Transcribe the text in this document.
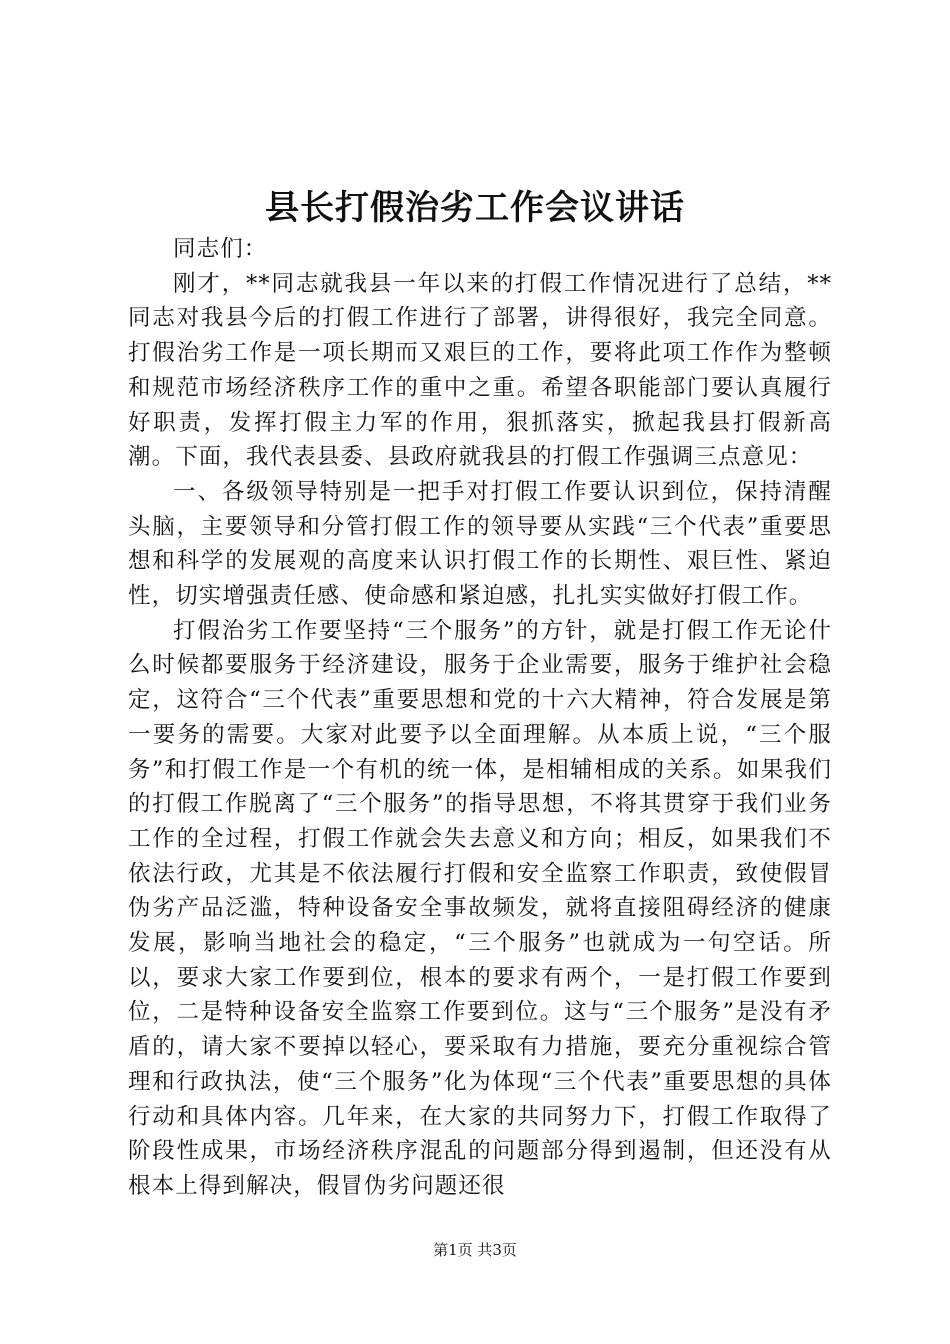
县长打假治劣工作会议讲话

同志们：

刚才，**同志就我县一年以来的打假工作情况进行了总结，**同志对我县今后的打假工作进行了部署，讲得很好，我完全同意。打假治劣工作是一项长期而又艰巨的工作，要将此项工作作为整顿和规范市场经济秩序工作的重中之重。希望各职能部门要认真履行好职责，发挥打假主力军的作用，狠抓落实，掀起我县打假新高潮。下面，我代表县委、县政府就我县的打假工作强调三点意见：

一、各级领导特别是一把手对打假工作要认识到位，保持清醒头脑，主要领导和分管打假工作的领导要从实践“三个代表”重要思想和科学的发展观的高度来认识打假工作的长期性、艰巨性、紧迫性，切实增强责任感、使命感和紧迫感，扎扎实实做好打假工作。

打假治劣工作要坚持“三个服务”的方针，就是打假工作无论什么时候都要服务于经济建设，服务于企业需要，服务于维护社会稳定，这符合“三个代表”重要思想和党的十六大精神，符合发展是第一要务的需要。大家对此要予以全面理解。从本质上说，“三个服务”和打假工作是一个有机的统一体，是相辅相成的关系。如果我们的打假工作脱离了“三个服务”的指导思想，不将其贯穿于我们业务工作的全过程，打假工作就会失去意义和方向；相反，如果我们不依法行政，尤其是不依法履行打假和安全监察工作职责，致使假冒伪劣产品泛滥，特种设备安全事故频发，就将直接阻碍经济的健康发展，影响当地社会的稳定，“三个服务”也就成为一句空话。所以，要求大家工作要到位，根本的要求有两个，一是打假工作要到位，二是特种设备安全监察工作要到位。这与“三个服务”是没有矛盾的，请大家不要掉以轻心，要采取有力措施，要充分重视综合管理和行政执法，使“三个服务”化为体现“三个代表”重要思想的具体行动和具体内容。几年来，在大家的共同努力下，打假工作取得了阶段性成果，市场经济秩序混乱的问题部分得到遏制，但还没有从根本上得到解决，假冒伪劣问题还很

第1页 共3页
